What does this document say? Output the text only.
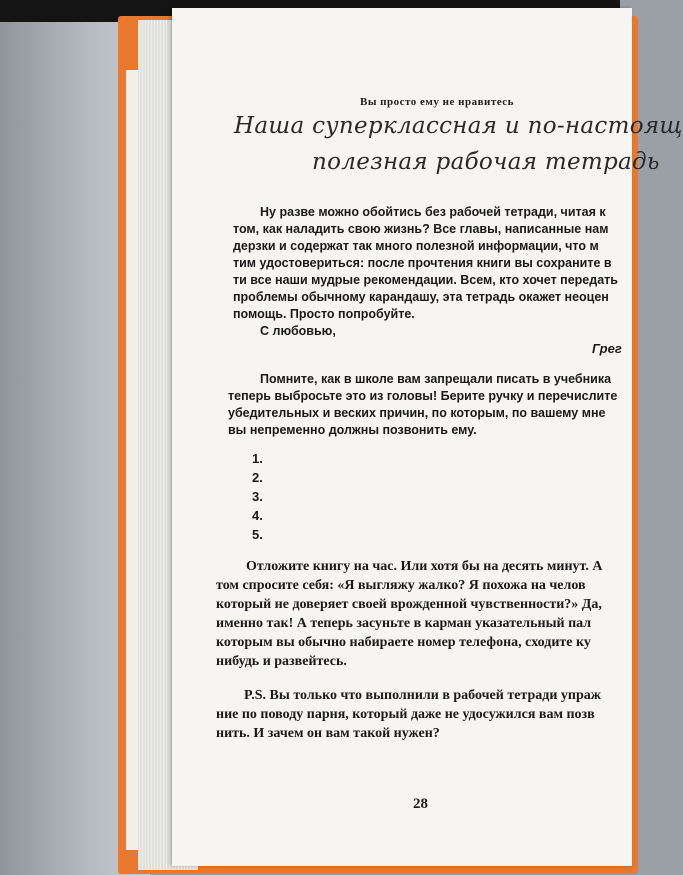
Вы просто ему не нравитесь
Наша суперклассная и по-настоящ
полезная рабочая тетрадь
Ну разве можно обойтись без рабочей тетради, читая к
том, как наладить свою жизнь? Все главы, написанные нам
дерзки и содержат так много полезной информации, что м
тим удостовериться: после прочтения книги вы сохраните в
ти все наши мудрые рекомендации. Всем, кто хочет передать
проблемы обычному карандашу, эта тетрадь окажет неоцен
помощь. Просто попробуйте.
С любовью,
Грег
Помните, как в школе вам запрещали писать в учебника
теперь выбросьте это из головы! Берите ручку и перечислите
убедительных и веских причин, по которым, по вашему мне
вы непременно должны позвонить ему.
1.
2.
3.
4.
5.
Отложите книгу на час. Или хотя бы на десять минут. А
том спросите себя: «Я выгляжу жалко? Я похожа на челов
который не доверяет своей врожденной чувственности?» Да,
именно так! А теперь засуньте в карман указательный пал
которым вы обычно набираете номер телефона, сходите ку
нибудь и развейтесь.
P.S. Вы только что выполнили в рабочей тетради упраж
ние по поводу парня, который даже не удосужился вам позв
нить. И зачем он вам такой нужен?
28
